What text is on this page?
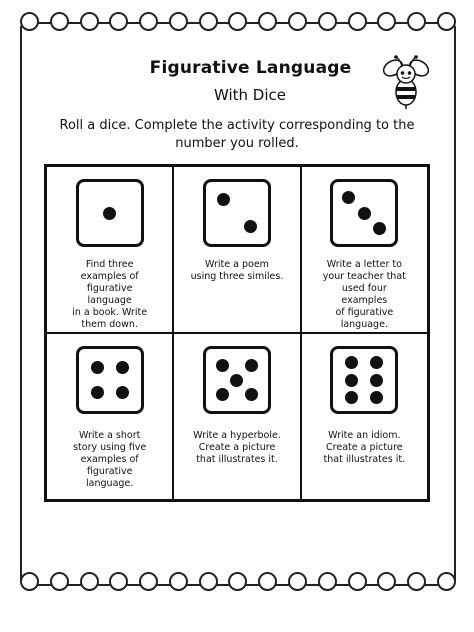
Figurative Language
With Dice
Roll a dice. Complete the activity corresponding to the number you rolled.
Find three
examples of
figurative
language
in a book. Write
them down.
Write a poem
using three similes.
Write a letter to
your teacher that
used four
examples
of figurative
language.
Write a short
story using five
examples of
figurative
language.
Write a hyperbole.
Create a picture
that illustrates it.
Write an idiom.
Create a picture
that illustrates it.
